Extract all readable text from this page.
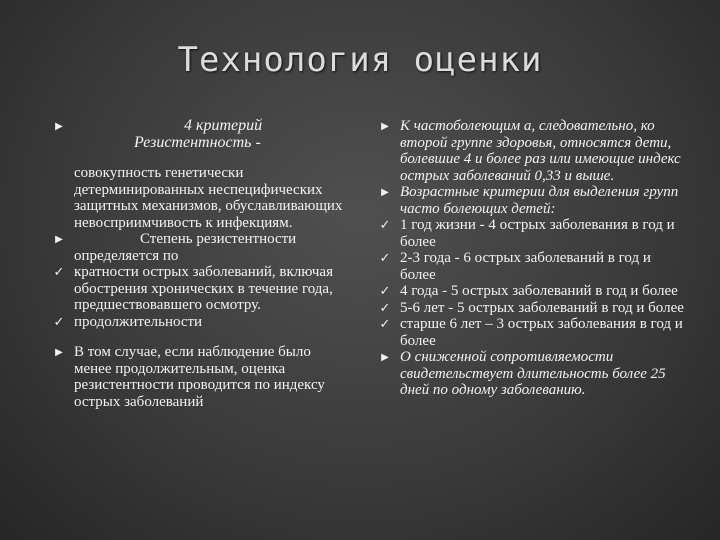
Технология оценки
▶	4 критерий
Резистентность -
совокупность генетически детерминированных неспецифических защитных механизмов, обуславливающих невосприимчивость к инфекциям.
▶	Степень резистентности
определяется по
✓ кратности острых заболеваний, включая обострения хронических в течение года, предшествовавшего осмотру.
✓ продолжительности
▶ В том случае, если наблюдение было менее продолжительным, оценка резистентности проводится по индексу острых заболеваний
▶ К частоболеющим а, следовательно, ко второй группе здоровья, относятся дети, болевшие 4 и более раз или имеющие индекс острых заболеваний 0,33 и выше.
▶ Возрастные критерии для выделения групп часто болеющих детей:
✓ 1 год жизни - 4 острых заболевания в год и более
✓ 2-3 года - 6 острых заболеваний в год и более
✓ 4 года - 5 острых заболеваний в год и более
✓ 5-6 лет - 5 острых заболеваний в год и более
✓ старше 6 лет – 3 острых заболевания в год и более
▶ О сниженной сопротивляемости свидетельствует длительность более 25 дней по одному заболеванию.
